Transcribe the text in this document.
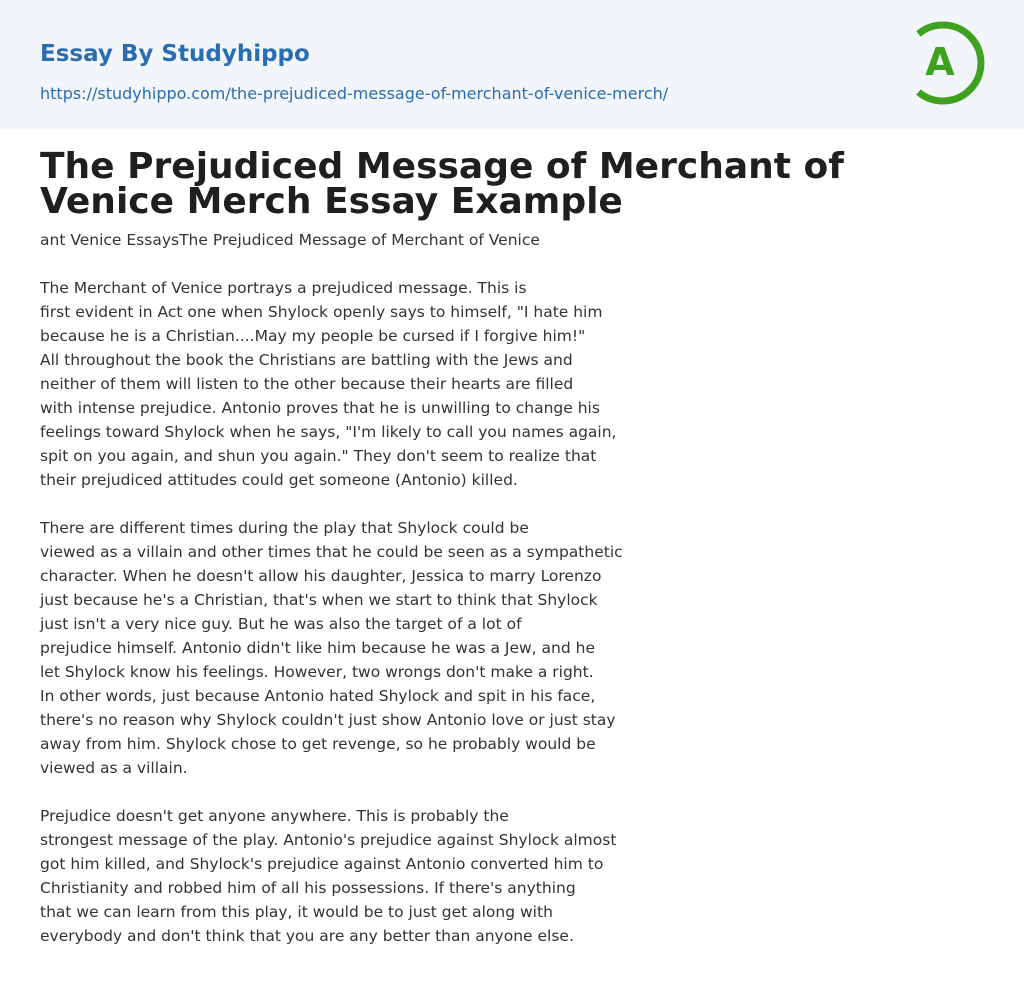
Essay By Studyhippo
https://studyhippo.com/the-prejudiced-message-of-merchant-of-venice-merch/
A
The Prejudiced Message of Merchant of Venice Merch Essay Example
ant Venice EssaysThe Prejudiced Message of Merchant of Venice
The Merchant of Venice portrays a prejudiced message. This is
first evident in Act one when Shylock openly says to himself, "I hate him
because he is a Christian....May my people be cursed if I forgive him!"
All throughout the book the Christians are battling with the Jews and
neither of them will listen to the other because their hearts are filled
with intense prejudice. Antonio proves that he is unwilling to change his
feelings toward Shylock when he says, "I'm likely to call you names again,
spit on you again, and shun you again." They don't seem to realize that
their prejudiced attitudes could get someone (Antonio) killed.
There are different times during the play that Shylock could be
viewed as a villain and other times that he could be seen as a sympathetic
character. When he doesn't allow his daughter, Jessica to marry Lorenzo
just because he's a Christian, that's when we start to think that Shylock
just isn't a very nice guy. But he was also the target of a lot of
prejudice himself. Antonio didn't like him because he was a Jew, and he
let Shylock know his feelings. However, two wrongs don't make a right.
In other words, just because Antonio hated Shylock and spit in his face,
there's no reason why Shylock couldn't just show Antonio love or just stay
away from him. Shylock chose to get revenge, so he probably would be
viewed as a villain.
Prejudice doesn't get anyone anywhere. This is probably the
strongest message of the play. Antonio's prejudice against Shylock almost
got him killed, and Shylock's prejudice against Antonio converted him to
Christianity and robbed him of all his possessions. If there's anything
that we can learn from this play, it would be to just get along with
everybody and don't think that you are any better than anyone else.
